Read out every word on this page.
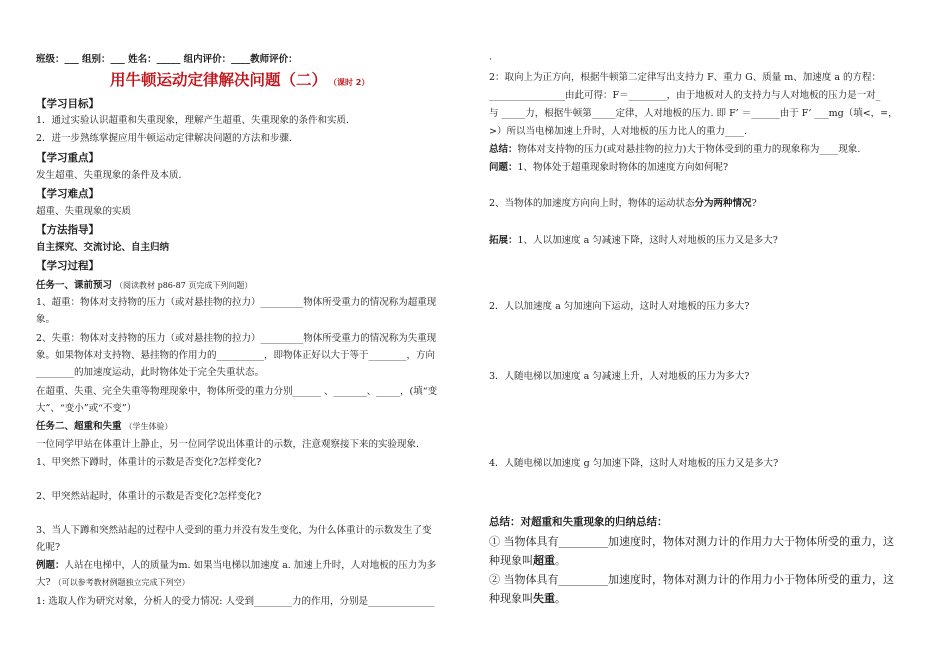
班级：___ 组别：___ 姓名：_____ 组内评价：____教师评价：
用牛顿运动定律解决问题（二） （课时 2）
【学习目标】
1．通过实验认识超重和失重现象，理解产生超重、失重现象的条件和实质．
2．进一步熟练掌握应用牛顿运动定律解决问题的方法和步骤．
【学习重点】
发生超重、失重现象的条件及本质．
【学习难点】
超重、失重现象的实质
【方法指导】
自主探究、交流讨论、自主归纳
【学习过程】
任务一、课前预习 （阅读教材 p86-87 页完成下列问题）
1、超重：物体对支持物的压力（或对悬挂物的拉力）_________物体所受重力的情况称为超重现
象。
2、失重：物体对支持物的压力（或对悬挂物的拉力）_________物体所受重力的情况称为失重现
象。如果物体对支持物、悬挂物的作用力的__________，即物体正好以大于等于________，方向
________的加速度运动，此时物体处于完全失重状态。
在超重、失重、完全失重等物理现象中，物体所受的重力分别______ 、_______、_____，(填“变
大”、“变小”或“不变”）
任务二、超重和失重 （学生体验）
一位同学甲站在体重计上静止，另一位同学说出体重计的示数，注意观察接下来的实验现象．
1、甲突然下蹲时，体重计的示数是否变化?怎样变化?
2、甲突然站起时，体重计的示数是否变化?怎样变化?
3、当人下蹲和突然站起的过程中人受到的重力并没有发生变化，为什么体重计的示数发生了变
化呢?
例题：人站在电梯中，人的质量为m. 如果当电梯以加速度 a. 加速上升时，人对地板的压力为多
大? （可以参考教材例题独立完成下列空）
1: 选取人作为研究对象，分析人的受力情况: 人受到________力的作用，分别是______________
·
2：取向上为正方向，根据牛顿第二定律写出支持力 F、重力 G、质量 m、加速度 a 的方程：
________________由此可得：F＝________，由于地板对人的支持力与人对地板的压力是一对_
与 _____力，根据牛顿第_____定律，人对地板的压力. 即 F’ ＝______由于 F’ ___mg（填<，=，
>）所以当电梯加速上升时，人对地板的压力比人的重力____.
总结：物体对支持物的压力(或对悬挂物的拉力)大于物体受到的重力的现象称为____现象.
问题：1、物体处于超重现象时物体的加速度方向如何呢?
2、当物体的加速度方向向上时，物体的运动状态分为两种情况?
拓展：1、人以加速度 a 匀减速下降，这时人对地板的压力又是多大?
2．人以加速度 a 匀加速向下运动，这时人对地板的压力多大?
3．人随电梯以加速度 a 匀减速上升，人对地板的压力为多大?
4．人随电梯以加速度 g 匀加速下降，这时人对地板的压力又是多大?
总结：对超重和失重现象的归纳总结：
① 当物体具有_________加速度时，物体对测力计的作用力大于物体所受的重力，这
种现象叫超重。
② 当物体具有_________加速度时，物体对测力计的作用力小于物体所受的重力，这
种现象叫失重。
